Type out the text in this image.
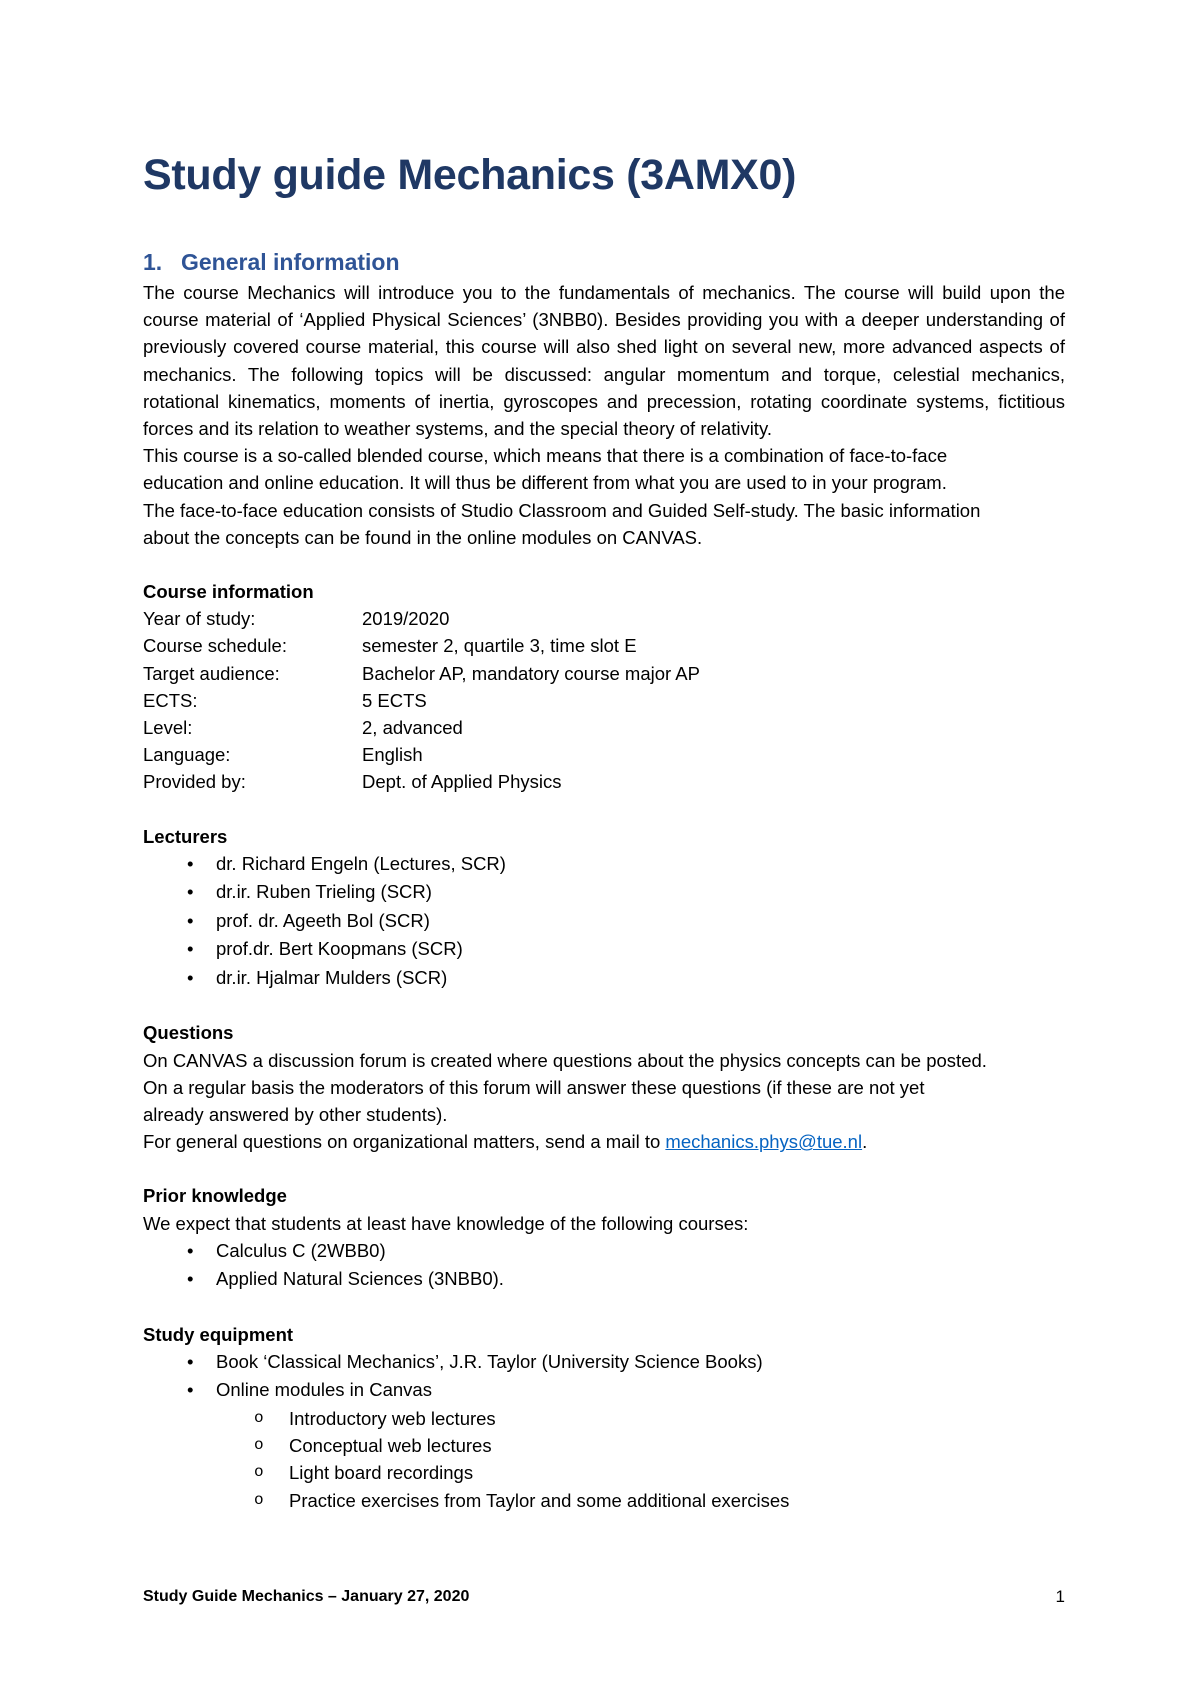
Study guide Mechanics (3AMX0)
1. General information

The course Mechanics will introduce you to the fundamentals of mechanics. The course will build upon the course material of ‘Applied Physical Sciences’ (3NBB0). Besides providing you with a deeper understanding of previously covered course material, this course will also shed light on several new, more advanced aspects of mechanics. The following topics will be discussed: angular momentum and torque, celestial mechanics, rotational kinematics, moments of inertia, gyroscopes and precession, rotating coordinate systems, fictitious forces and its relation to weather systems, and the special theory of relativity.

This course is a so-called blended course, which means that there is a combination of face-to-face

education and online education. It will thus be different from what you are used to in your program.

The face-to-face education consists of Studio Classroom and Guided Self-study. The basic information

about the concepts can be found in the online modules on CANVAS.

Course information
Year of study:	2019/2020
Course schedule:	semester 2, quartile 3, time slot E
Target audience:	Bachelor AP, mandatory course major AP
ECTS:	5 ECTS
Level:	2, advanced
Language:	English
Provided by:	Dept. of Applied Physics
Lecturers
• dr. Richard Engeln (Lectures, SCR)
• dr.ir. Ruben Trieling (SCR)
• prof. dr. Ageeth Bol (SCR)
• prof.dr. Bert Koopmans (SCR)
• dr.ir. Hjalmar Mulders (SCR)
Questions

On CANVAS a discussion forum is created where questions about the physics concepts can be posted.

On a regular basis the moderators of this forum will answer these questions (if these are not yet

already answered by other students).

For general questions on organizational matters, send a mail to mechanics.phys@tue.nl.

Prior knowledge

We expect that students at least have knowledge of the following courses:

• Calculus C (2WBB0)
• Applied Natural Sciences (3NBB0).
Study equipment
• Book ‘Classical Mechanics’, J.R. Taylor (University Science Books)
• Online modules in Canvas
o Introductory web lectures
o Conceptual web lectures
o Light board recordings
o Practice exercises from Taylor and some additional exercises
Study Guide Mechanics – January 27, 2020	1
